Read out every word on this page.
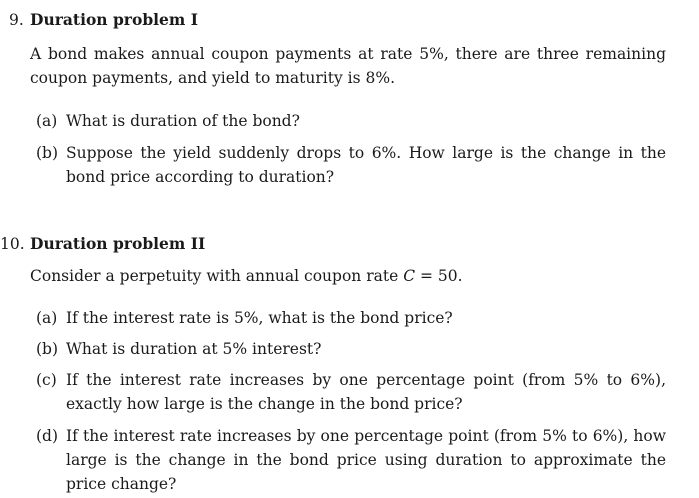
9. Duration problem I
A bond makes annual coupon payments at rate 5%, there are three remaining coupon payments, and yield to maturity is 8%.
(a) What is duration of the bond?
(b) Suppose the yield suddenly drops to 6%. How large is the change in the bond price according to duration?
10. Duration problem II
Consider a perpetuity with annual coupon rate C = 50.
(a) If the interest rate is 5%, what is the bond price?
(b) What is duration at 5% interest?
(c) If the interest rate increases by one percentage point (from 5% to 6%), exactly how large is the change in the bond price?
(d) If the interest rate increases by one percentage point (from 5% to 6%), how large is the change in the bond price using duration to approximate the price change?
